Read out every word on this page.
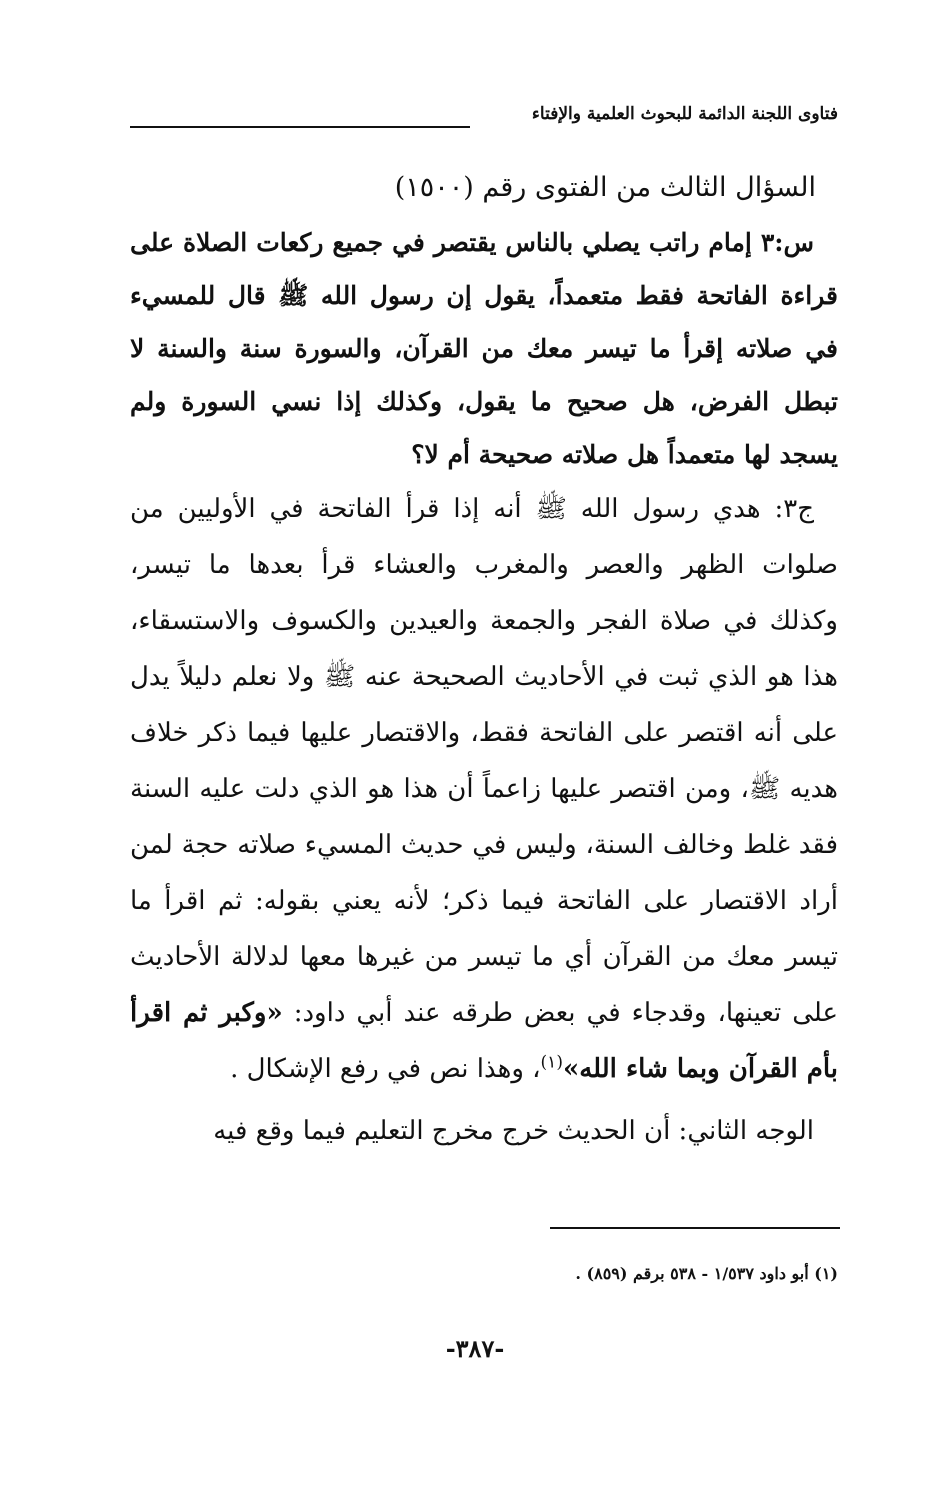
فتاوى اللجنة الدائمة للبحوث العلمية والإفتاء

السؤال الثالث من الفتوى رقم (١٥٠٠)

س:٣ إمام راتب يصلي بالناس يقتصر في جميع ركعات الصلاة على قراءة الفاتحة فقط متعمداً، يقول إن رسول الله ﷺ قال للمسيء في صلاته إقرأ ما تيسر معك من القرآن، والسورة سنة والسنة لا تبطل الفرض، هل صحيح ما يقول، وكذلك إذا نسي السورة ولم يسجد لها متعمداً هل صلاته صحيحة أم لا؟

ج٣: هدي رسول الله ﷺ أنه إذا قرأ الفاتحة في الأوليين من صلوات الظهر والعصر والمغرب والعشاء قرأ بعدها ما تيسر، وكذلك في صلاة الفجر والجمعة والعيدين والكسوف والاستسقاء، هذا هو الذي ثبت في الأحاديث الصحيحة عنه ﷺ ولا نعلم دليلاً يدل على أنه اقتصر على الفاتحة فقط، والاقتصار عليها فيما ذكر خلاف هديه ﷺ، ومن اقتصر عليها زاعماً أن هذا هو الذي دلت عليه السنة فقد غلط وخالف السنة، وليس في حديث المسيء صلاته حجة لمن أراد الاقتصار على الفاتحة فيما ذكر؛ لأنه يعني بقوله: ثم اقرأ ما تيسر معك من القرآن أي ما تيسر من غيرها معها لدلالة الأحاديث على تعينها، وقدجاء في بعض طرقه عند أبي داود: «وكبر ثم اقرأ بأم القرآن وبما شاء الله»$^{(١)}$، وهذا نص في رفع الإشكال .

الوجه الثاني: أن الحديث خرج مخرج التعليم فيما وقع فيه

(١) أبو داود ١/٥٣٧ - ٥٣٨ برقم (٨٥٩) .
-٣٨٧-
